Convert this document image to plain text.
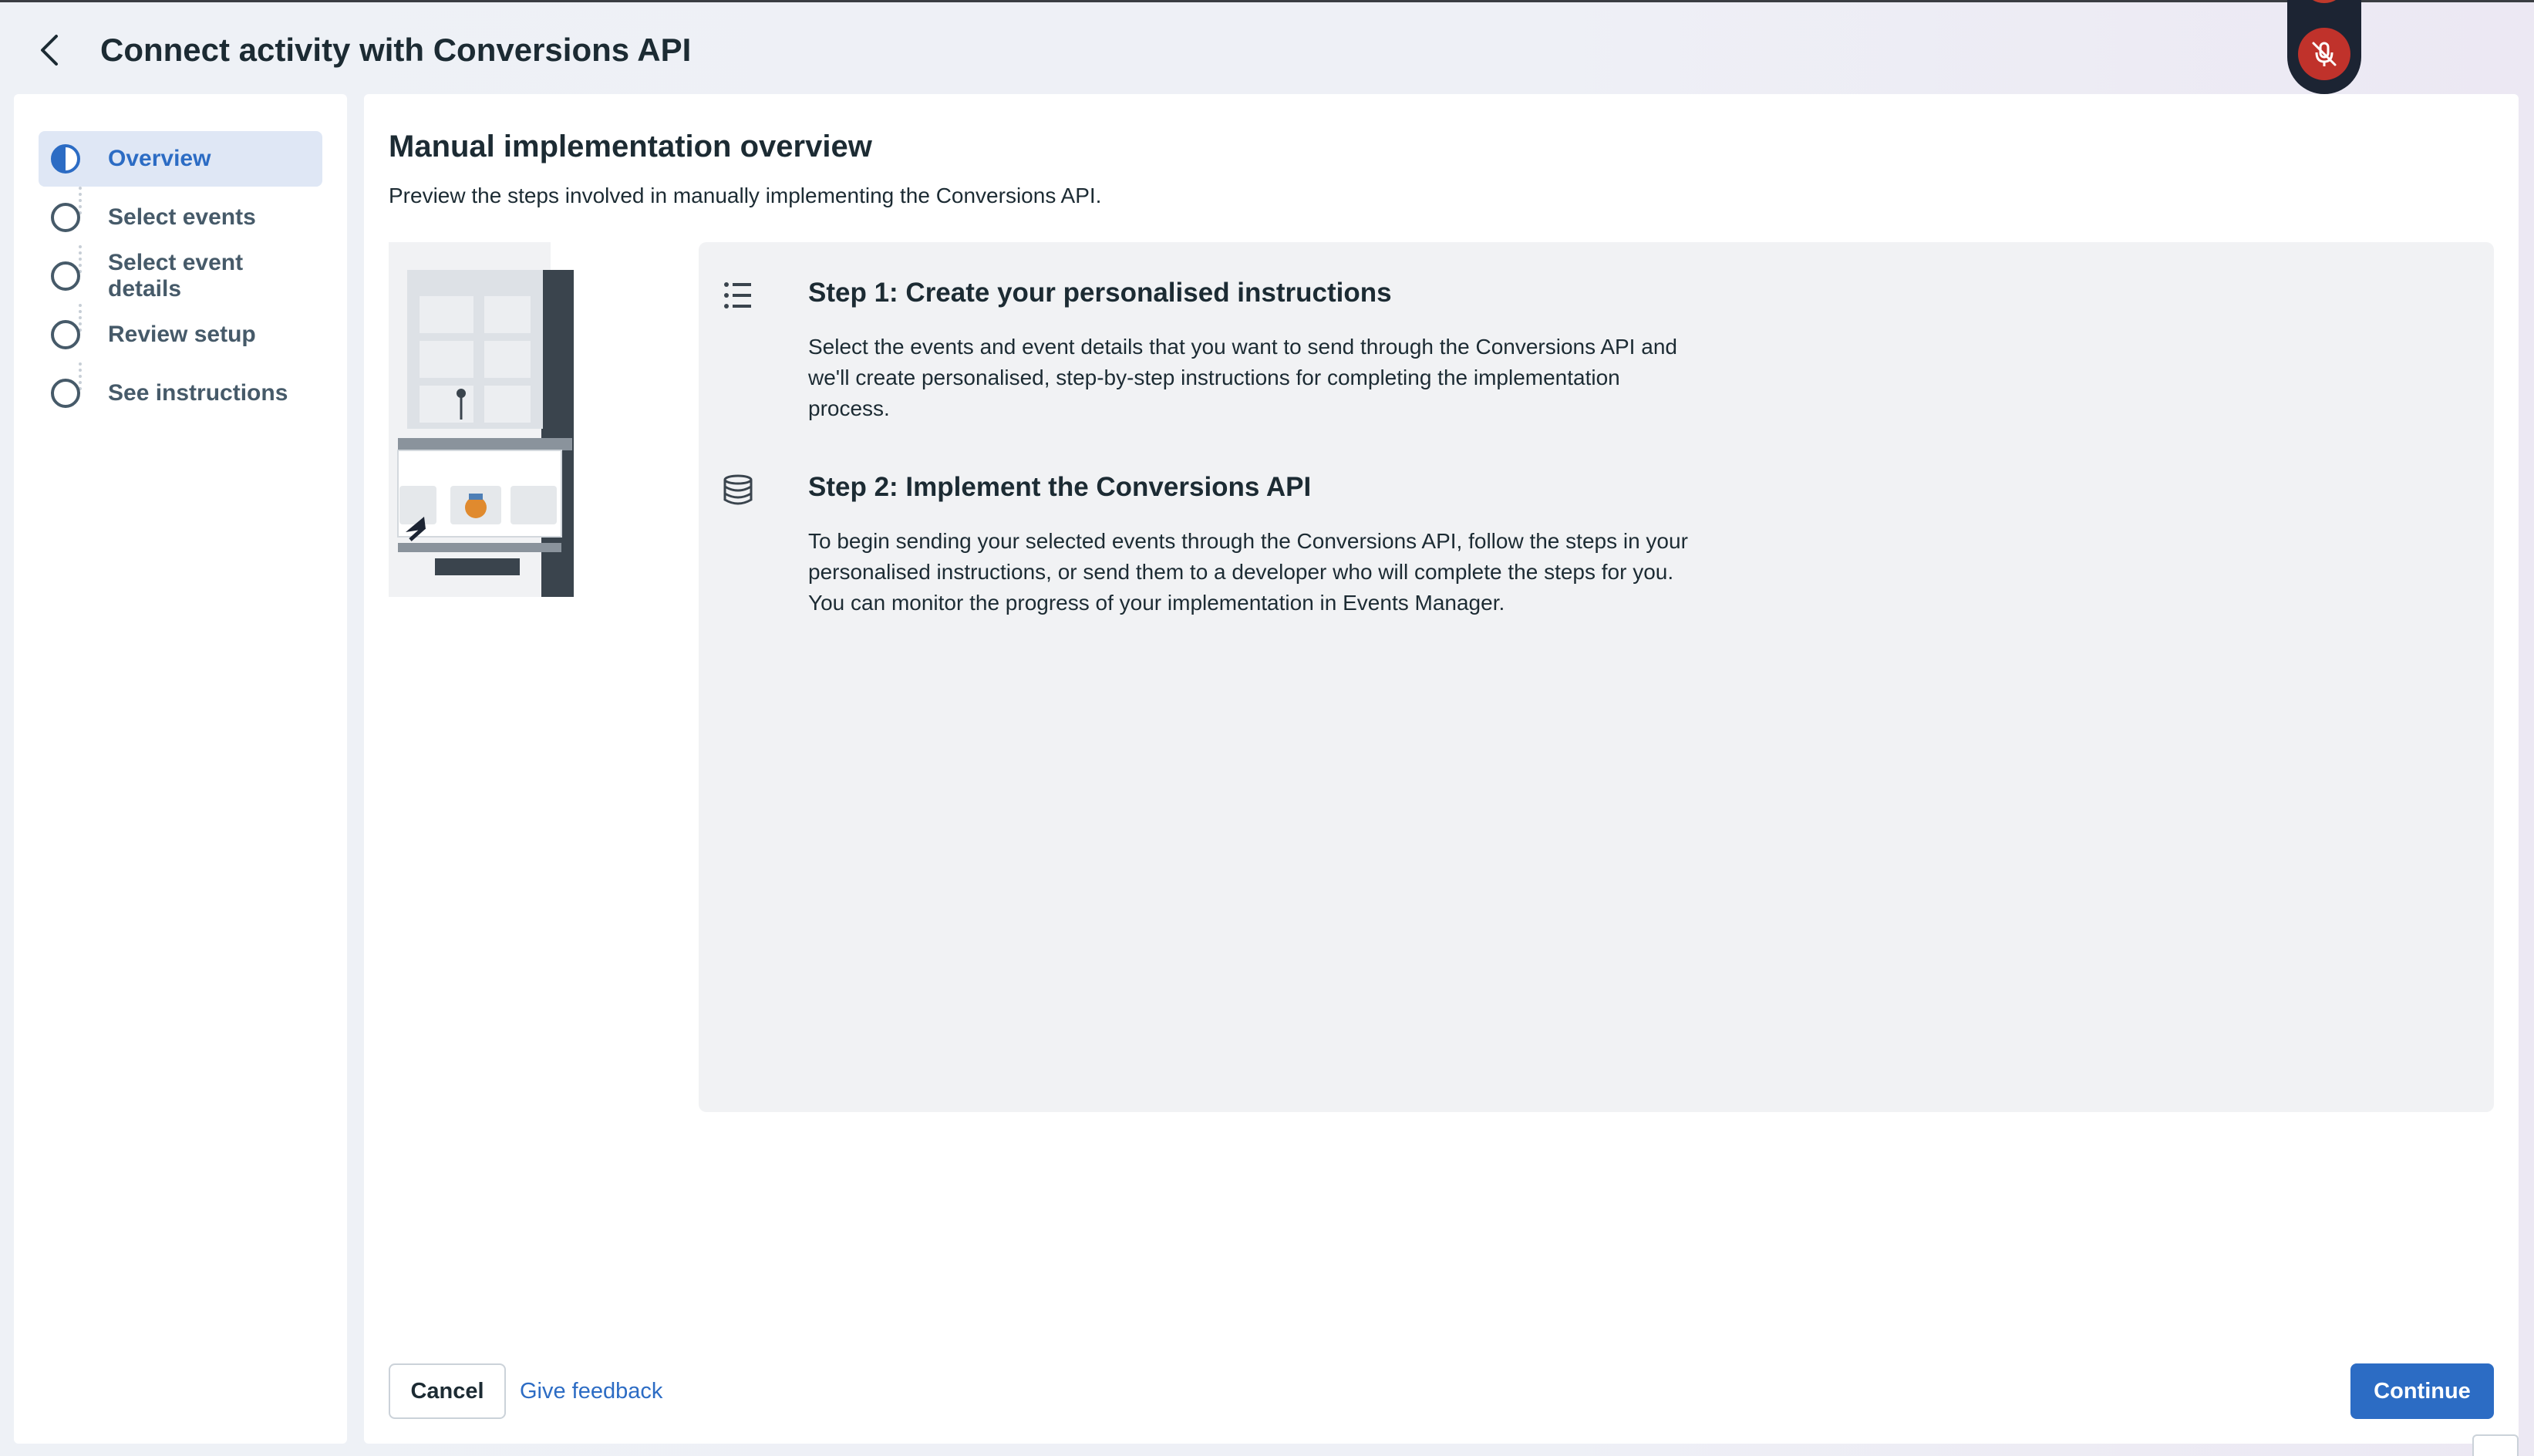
Connect activity with Conversions API
Overview
Select events
Select event details
Review setup
See instructions
Manual implementation overview
Preview the steps involved in manually implementing the Conversions API.
Step 1: Create your personalised instructions
Select the events and event details that you want to send through the Conversions API and we'll create personalised, step-by-step instructions for completing the implementation process.
Step 2: Implement the Conversions API
To begin sending your selected events through the Conversions API, follow the steps in your personalised instructions, or send them to a developer who will complete the steps for you. You can monitor the progress of your implementation in Events Manager.
Cancel	Give feedback	Continue
